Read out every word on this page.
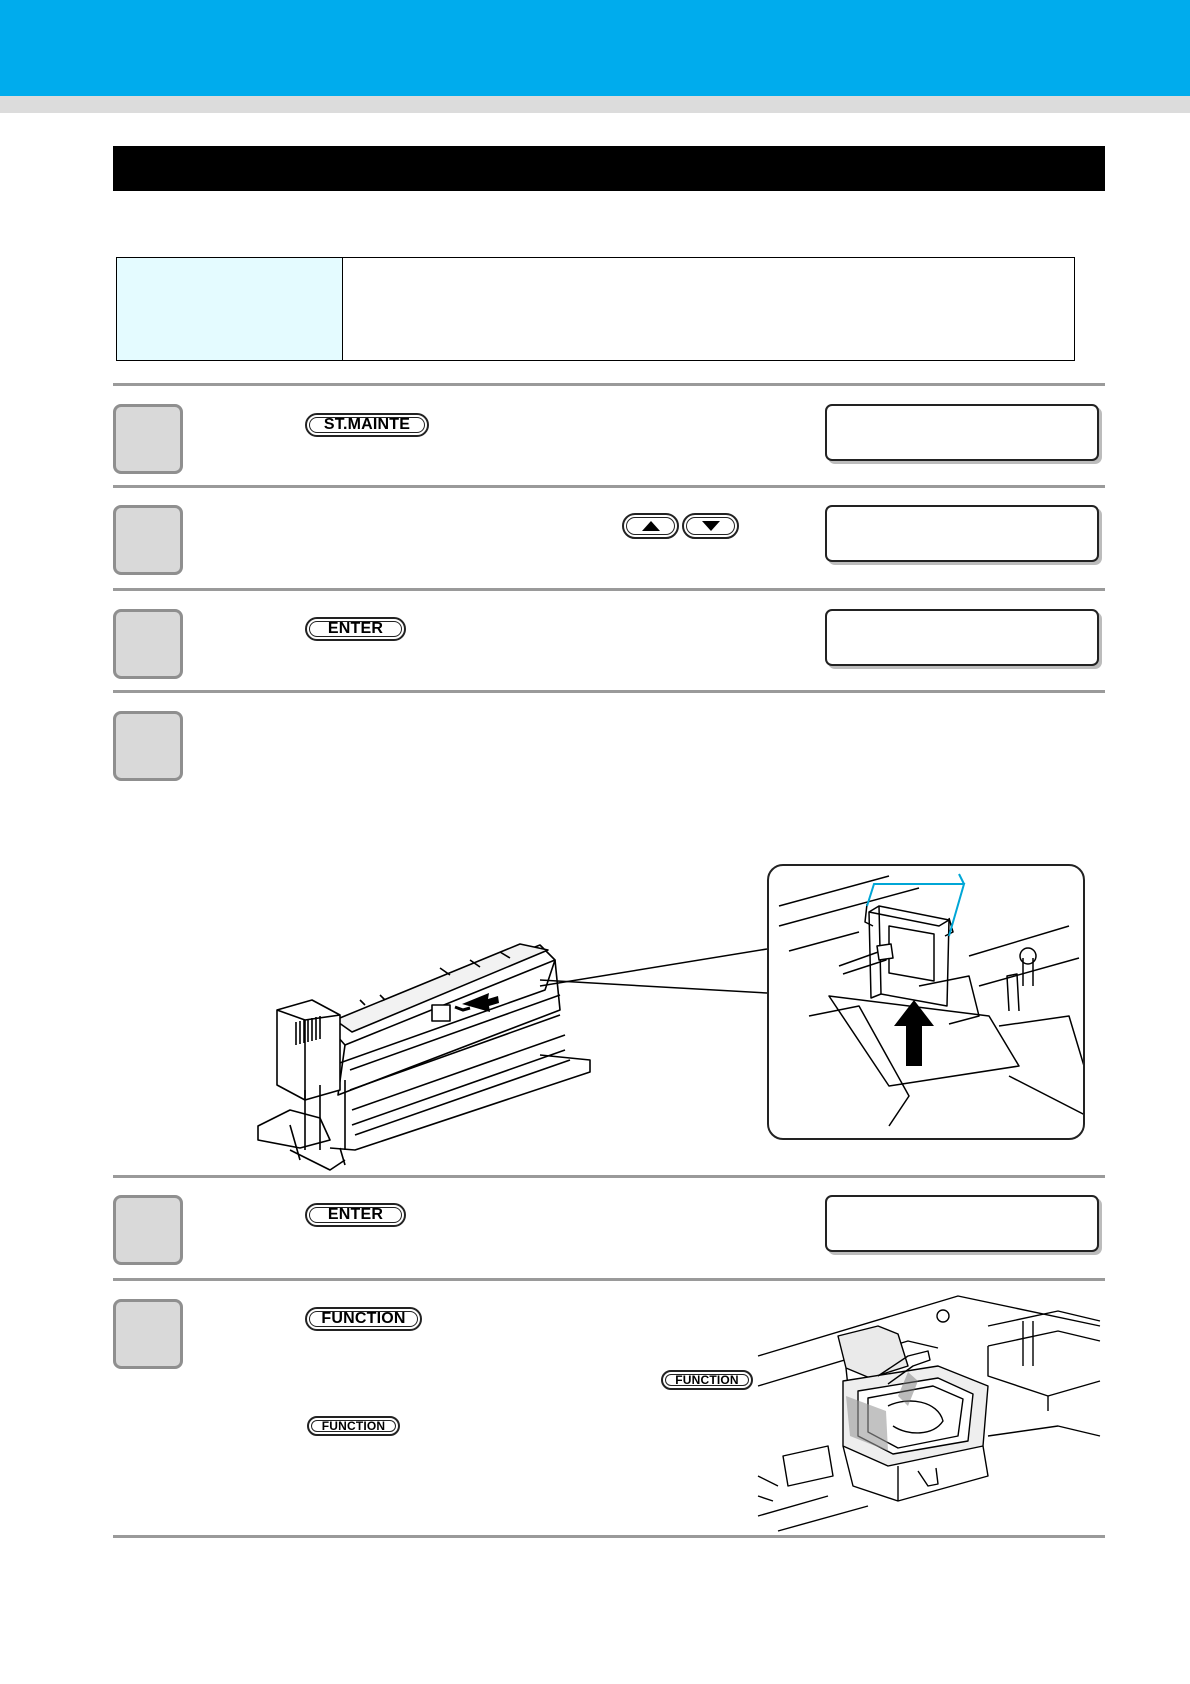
ST.MAINTE
ENTER
ENTER
FUNCTION
FUNCTION
FUNCTION
